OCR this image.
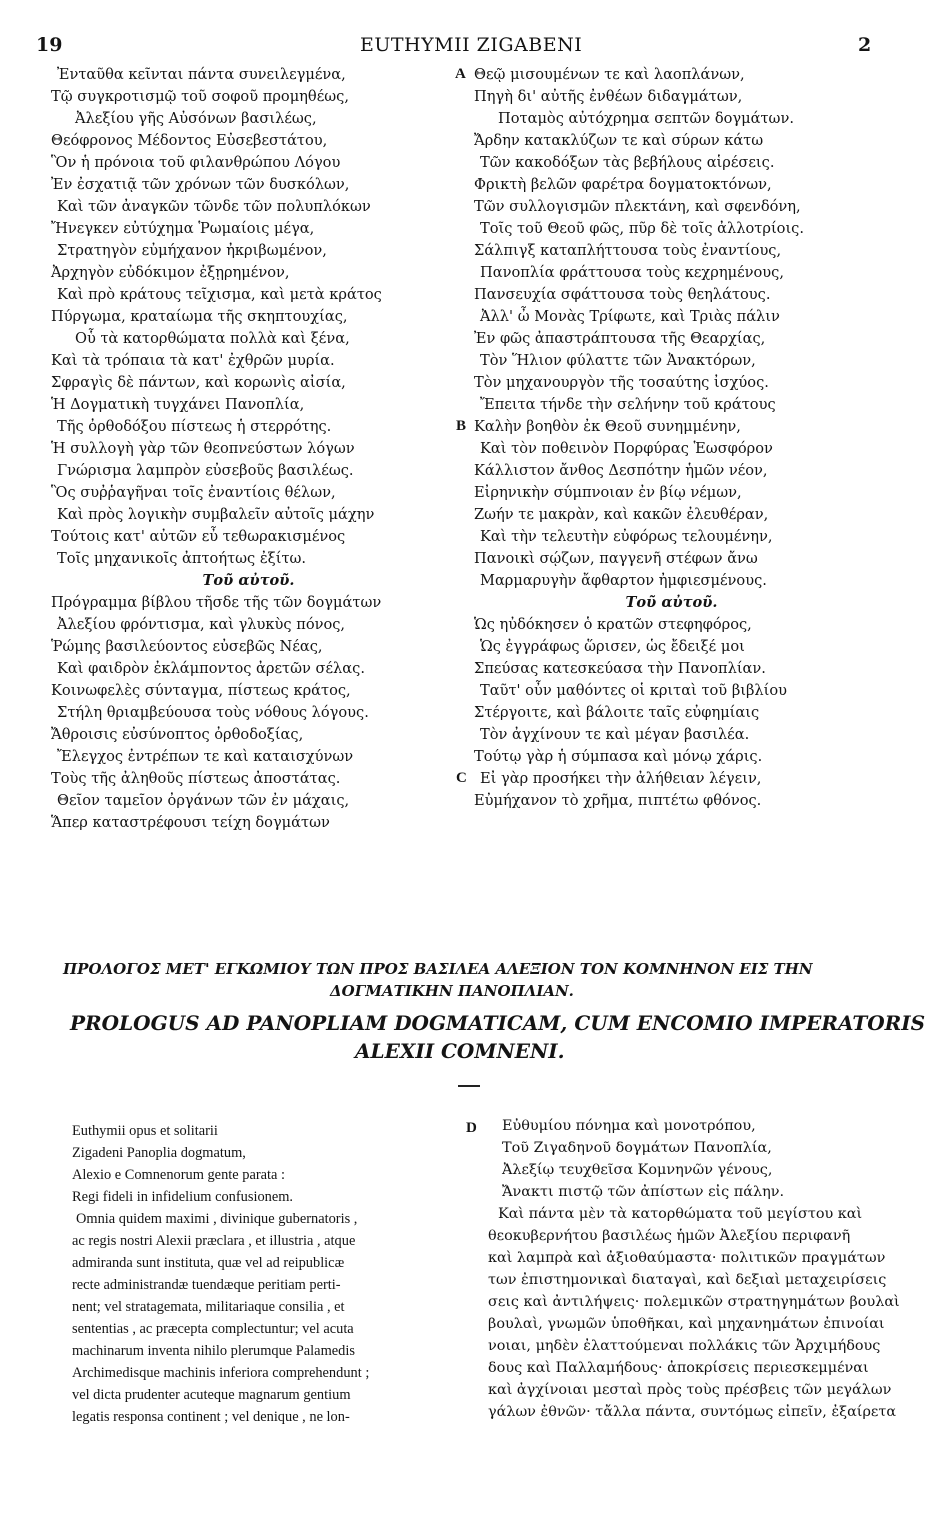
19	EUTHYMII ZIGABENI	2
A
B
C
D
Ἐνταῦθα κεῖνται πάντα συνειλεγμένα,
Τῷ συγκροτισμῷ τοῦ σοφοῦ προμηθέως,
Ἀλεξίου γῆς Αὐσόνων βασιλέως,
Θεόφρονος Μέδοντος Εὐσεβεστάτου,
Ὃν ἡ πρόνοια τοῦ φιλανθρώπου Λόγου
Ἐν ἐσχατιᾷ τῶν χρόνων τῶν δυσκόλων,
Καὶ τῶν ἀναγκῶν τῶνδε τῶν πολυπλόκων
Ἤνεγκεν εὐτύχημα Ῥωμαίοις μέγα,
Στρατηγὸν εὐμήχανον ἠκριβωμένον,
Ἀρχηγὸν εὐδόκιμον ἐξῃρημένον,
Καὶ πρὸ κράτους τεῖχισμα, καὶ μετὰ κράτος
Πύργωμα, κραταίωμα τῆς σκηπτουχίας,
Οὗ τὰ κατορθώματα πολλὰ καὶ ξένα,
Καὶ τὰ τρόπαια τὰ κατ' ἐχθρῶν μυρία.
Σφραγὶς δὲ πάντων, καὶ κορωνὶς αἰσία,
Ἡ Δογματικὴ τυγχάνει Πανοπλία,
Τῆς ὀρθοδόξου πίστεως ἡ στερρότης.
Ἡ συλλογὴ γὰρ τῶν θεοπνεύστων λόγων
Γνώρισμα λαμπρὸν εὐσεβοῦς βασιλέως.
Ὃς συῤῥαγῆναι τοῖς ἐναντίοις θέλων,
Καὶ πρὸς λογικὴν συμβαλεῖν αὐτοῖς μάχην
Τούτοις κατ' αὐτῶν εὖ τεθωρακισμένος
Τοῖς μηχανικοῖς ἀπτοήτως ἐξίτω.
Τοῦ αὐτοῦ.
Πρόγραμμα βίβλου τῆσδε τῆς τῶν δογμάτων
Ἀλεξίου φρόντισμα, καὶ γλυκὺς πόνος,
Ῥώμης βασιλεύοντος εὐσεβῶς Νέας,
Καὶ φαιδρὸν ἐκλάμποντος ἀρετῶν σέλας.
Κοινωφελὲς σύνταγμα, πίστεως κράτος,
Στήλη θριαμβεύουσα τοὺς νόθους λόγους.
Ἄθροισις εὐσύνοπτος ὀρθοδοξίας,
Ἔλεγχος ἐντρέπων τε καὶ καταισχύνων
Τοὺς τῆς ἀληθοῦς πίστεως ἀποστάτας.
Θεῖον ταμεῖον ὀργάνων τῶν ἐν μάχαις,
Ἅπερ καταστρέφουσι τείχη δογμάτων
Θεῷ μισουμένων τε καὶ λαοπλάνων,
Πηγὴ δι' αὐτῆς ἐνθέων διδαγμάτων,
Ποταμὸς αὐτόχρημα σεπτῶν δογμάτων.
Ἄρδην κατακλύζων τε καὶ σύρων κάτω
Τῶν κακοδόξων τὰς βεβήλους αἱρέσεις.
Φρικτὴ βελῶν φαρέτρα δογματοκτόνων,
Τῶν συλλογισμῶν πλεκτάνη, καὶ σφενδόνη,
Τοῖς τοῦ Θεοῦ φῶς, πῦρ δὲ τοῖς ἀλλοτρίοις.
Σάλπιγξ καταπλήττουσα τοὺς ἐναντίους,
Πανοπλία φράττουσα τοὺς κεχρημένους,
Πανσευχία σφάττουσα τοὺς θεηλάτους.
Ἀλλ' ὦ Μονὰς Τρίφωτε, καὶ Τριὰς πάλιν
Ἐν φῶς ἀπαστράπτουσα τῆς Θεαρχίας,
Τὸν Ἥλιον φύλαττε τῶν Ἀνακτόρων,
Τὸν μηχανουργὸν τῆς τοσαύτης ἰσχύος.
Ἔπειτα τήνδε τὴν σελήνην τοῦ κράτους
Καλὴν βοηθὸν ἐκ Θεοῦ συνημμένην,
Καὶ τὸν ποθεινὸν Πορφύρας Ἑωσφόρον
Κάλλιστον ἄνθος Δεσπότην ἡμῶν νέον,
Εἰρηνικὴν σύμπνοιαν ἐν βίῳ νέμων,
Ζωήν τε μακρὰν, καὶ κακῶν ἐλευθέραν,
Καὶ τὴν τελευτὴν εὐφόρως τελουμένην,
Πανοικὶ σῴζων, παγγενῆ στέφων ἄνω
Μαρμαρυγὴν ἄφθαρτον ἠμφιεσμένους.
Τοῦ αὐτοῦ.
Ὡς ηὐδόκησεν ὁ κρατῶν στεφηφόρος,
Ὡς ἐγγράφως ὥρισεν, ὡς ἔδειξέ μοι
Σπεύσας κατεσκεύασα τὴν Πανοπλίαν.
Ταῦτ' οὖν μαθόντες οἱ κριταὶ τοῦ βιβλίου
Στέργοιτε, καὶ βάλοιτε ταῖς εὐφημίαις
Τὸν ἀγχίνουν τε καὶ μέγαν βασιλέα.
Τούτῳ γὰρ ἡ σύμπασα καὶ μόνῳ χάρις.
Εἰ γὰρ προσήκει τὴν ἀλήθειαν λέγειν,
Εὐμήχανον τὸ χρῆμα, πιπτέτω φθόνος.
ΠΡΟΛΟΓΟΣ ΜΕΤ' ΕΓΚΩΜΙΟΥ ΤΩΝ ΠΡΟΣ ΒΑΣΙΛΕΑ ΑΛΕΞΙΟΝ ΤΟΝ ΚΟΜΝΗΝΟΝ ΕΙΣ ΤΗΝ
ΔΟΓΜΑΤΙΚΗΝ ΠΑΝΟΠΛΙΑΝ.
PROLOGUS AD PANOPLIAM DOGMATICAM, CUM ENCOMIO IMPERATORIS
ALEXII COMNENI.
Euthymii opus et solitarii
Zigadeni Panoplia dogmatum,
Alexio e Comnenorum gente parata :
Regi fideli in infidelium confusionem.
Omnia quidem maximi , divinique gubernatoris ,
ac regis nostri Alexii præclara , et illustria , atque
admiranda sunt instituta, quæ vel ad reipublicæ
recte administrandæ tuendæque peritiam perti-
nent; vel stratagemata, militariaque consilia , et
sententias , ac præcepta complectuntur; vel acuta
machinarum inventa nihilo plerumque Palamedis
Archimedisque machinis inferiora comprehendunt ;
vel dicta prudenter acuteque magnarum gentium
legatis responsa continent ; vel denique , ne lon-
Εὐθυμίου πόνημα καὶ μονοτρόπου,
Τοῦ Ζιγαδηνοῦ δογμάτων Πανοπλία,
Ἀλεξίῳ τευχθεῖσα Κομνηνῶν γένους,
Ἄνακτι πιστῷ τῶν ἀπίστων εἰς πάλην.
Καὶ πάντα μὲν τὰ κατορθώματα τοῦ μεγίστου καὶ
θεοκυβερνήτου βασιλέως ἡμῶν Ἀλεξίου περιφανῆ
καὶ λαμπρὰ καὶ ἀξιοθαύμαστα· πολιτικῶν πραγμάτων
των ἐπιστημονικαὶ διαταγαὶ, καὶ δεξιαὶ μεταχειρίσεις
σεις καὶ ἀντιλήψεις· πολεμικῶν στρατηγημάτων βουλαὶ
βουλαὶ, γνωμῶν ὑποθῆκαι, καὶ μηχανημάτων ἐπινοίαι
νοιαι, μηδὲν ἐλαττούμεναι πολλάκις τῶν Ἀρχιμήδους
δους καὶ Παλλαμήδους· ἀποκρίσεις περιεσκεμμέναι
καὶ ἀγχίνοιαι μεσταὶ πρὸς τοὺς πρέσβεις τῶν μεγάλων
γάλων ἐθνῶν· τἄλλα πάντα, συντόμως εἰπεῖν, ἐξαίρετα
